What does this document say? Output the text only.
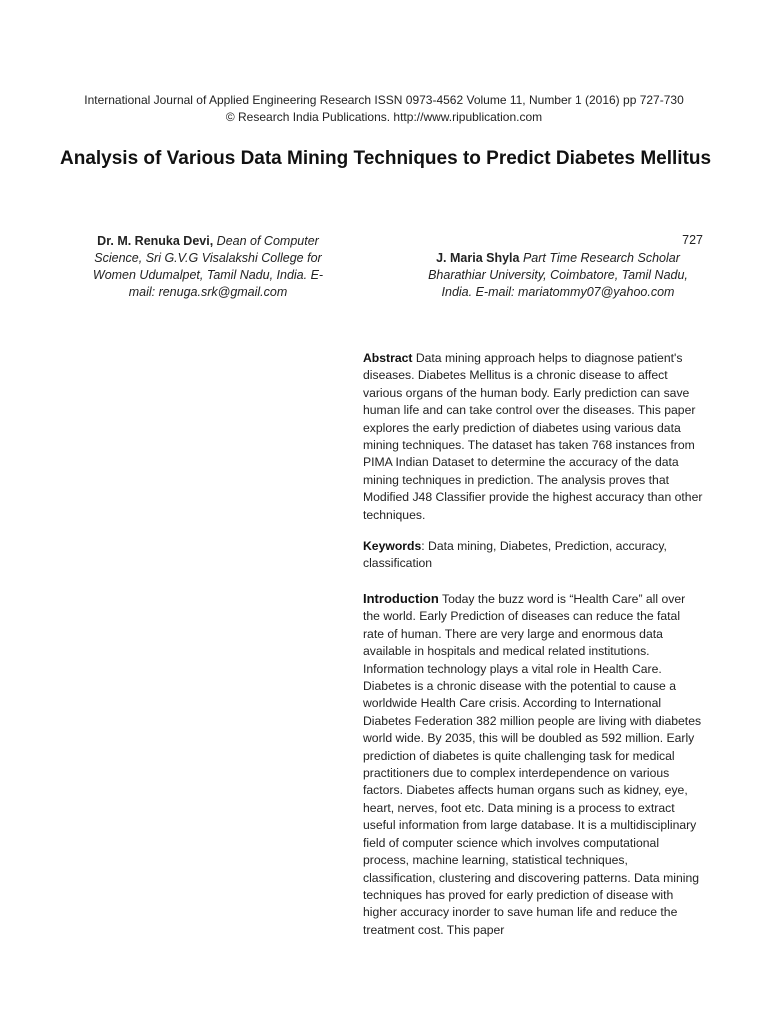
International Journal of Applied Engineering Research ISSN 0973-4562 Volume 11, Number 1 (2016) pp 727-730 © Research India Publications. http://www.ripublication.com
Analysis of Various Data Mining Techniques to Predict Diabetes Mellitus
727
Dr. M. Renuka Devi, Dean of Computer Science, Sri G.V.G Visalakshi College for Women Udumalpet, Tamil Nadu, India. E-mail: renuga.srk@gmail.com
J. Maria Shyla Part Time Research Scholar Bharathiar University, Coimbatore, Tamil Nadu, India. E-mail: mariatommy07@yahoo.com
Abstract Data mining approach helps to diagnose patient's diseases. Diabetes Mellitus is a chronic disease to affect various organs of the human body. Early prediction can save human life and can take control over the diseases. This paper explores the early prediction of diabetes using various data mining techniques. The dataset has taken 768 instances from PIMA Indian Dataset to determine the accuracy of the data mining techniques in prediction. The analysis proves that Modified J48 Classifier provide the highest accuracy than other techniques.
Keywords: Data mining, Diabetes, Prediction, accuracy, classification
Introduction Today the buzz word is “Health Care” all over the world. Early Prediction of diseases can reduce the fatal rate of human. There are very large and enormous data available in hospitals and medical related institutions. Information technology plays a vital role in Health Care. Diabetes is a chronic disease with the potential to cause a worldwide Health Care crisis. According to International Diabetes Federation 382 million people are living with diabetes world wide. By 2035, this will be doubled as 592 million. Early prediction of diabetes is quite challenging task for medical practitioners due to complex interdependence on various factors. Diabetes affects human organs such as kidney, eye, heart, nerves, foot etc. Data mining is a process to extract useful information from large database. It is a multidisciplinary field of computer science which involves computational process, machine learning, statistical techniques, classification, clustering and discovering patterns. Data mining techniques has proved for early prediction of disease with higher accuracy inorder to save human life and reduce the treatment cost. This paper
